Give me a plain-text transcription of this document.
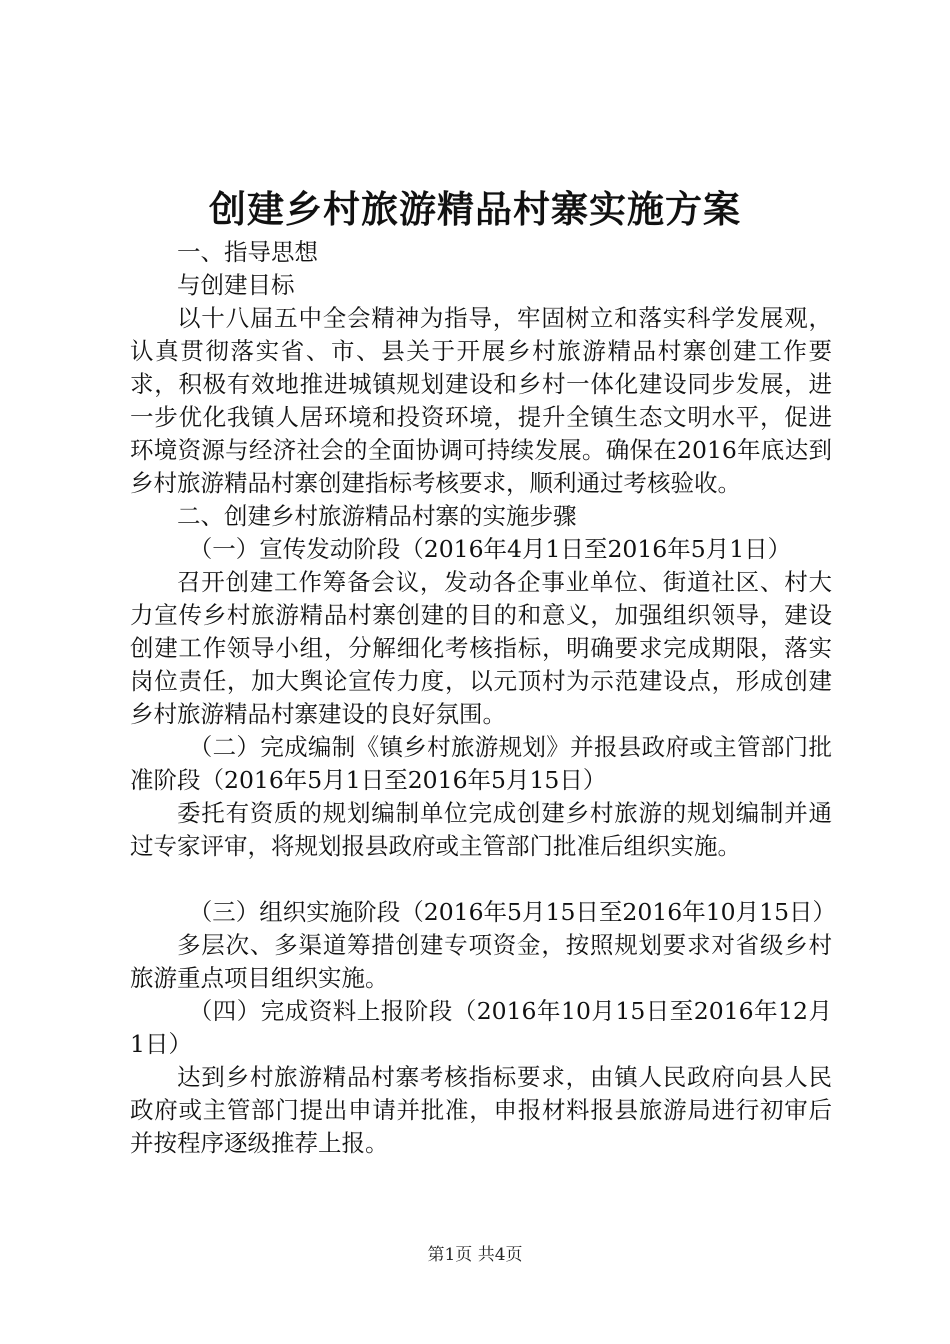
创建乡村旅游精品村寨实施方案

一、指导思想

与创建目标

以十八届五中全会精神为指导，牢固树立和落实科学发展观，认真贯彻落实省、市、县关于开展乡村旅游精品村寨创建工作要求，积极有效地推进城镇规划建设和乡村一体化建设同步发展，进一步优化我镇人居环境和投资环境，提升全镇生态文明水平，促进环境资源与经济社会的全面协调可持续发展。确保在2016年底达到乡村旅游精品村寨创建指标考核要求，顺利通过考核验收。

二、创建乡村旅游精品村寨的实施步骤

（一）宣传发动阶段（2016年4月1日至2016年5月1日）

召开创建工作筹备会议，发动各企事业单位、街道社区、村大力宣传乡村旅游精品村寨创建的目的和意义，加强组织领导，建设创建工作领导小组，分解细化考核指标，明确要求完成期限，落实岗位责任，加大舆论宣传力度，以元顶村为示范建设点，形成创建乡村旅游精品村寨建设的良好氛围。

（二）完成编制《镇乡村旅游规划》并报县政府或主管部门批准阶段（2016年5月1日至2016年5月15日）

委托有资质的规划编制单位完成创建乡村旅游的规划编制并通过专家评审，将规划报县政府或主管部门批准后组织实施。

（三）组织实施阶段（2016年5月15日至2016年10月15日）

多层次、多渠道筹措创建专项资金，按照规划要求对省级乡村旅游重点项目组织实施。

（四）完成资料上报阶段（2016年10月15日至2016年12月1日）

达到乡村旅游精品村寨考核指标要求，由镇人民政府向县人民政府或主管部门提出申请并批准，申报材料报县旅游局进行初审后并按程序逐级推荐上报。

第1页 共4页
